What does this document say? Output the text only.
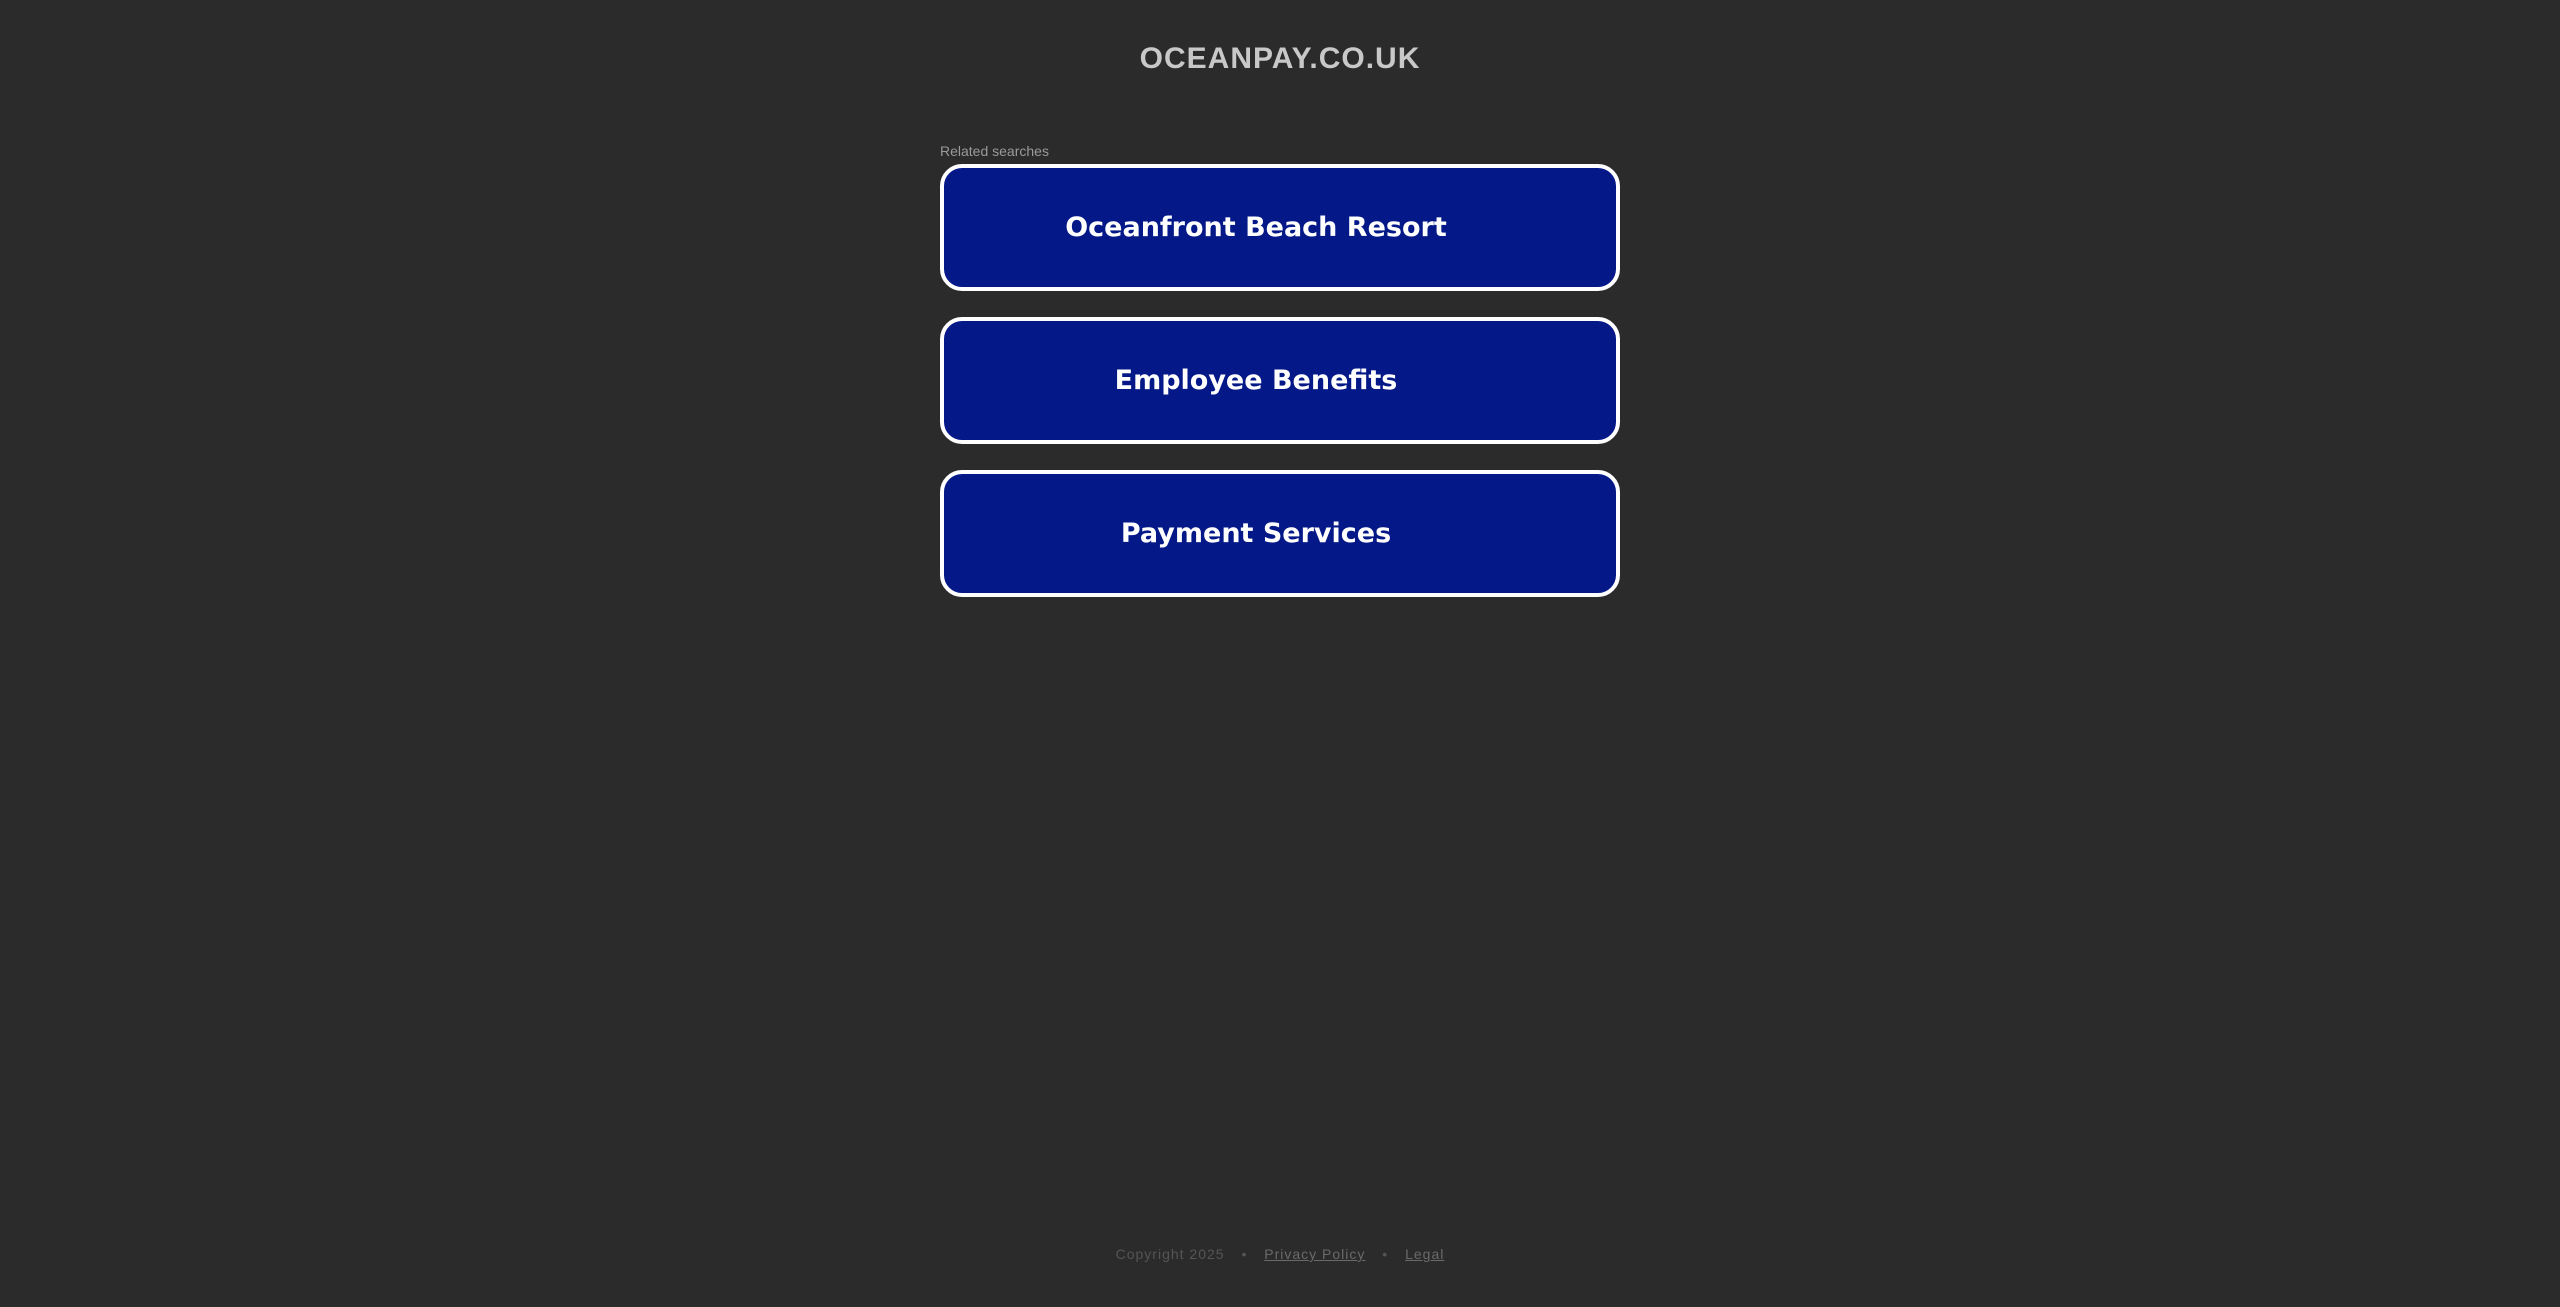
OCEANPAY.CO.UK
Related searches
Oceanfront Beach Resort
Employee Benefits
Payment Services
Copyright 2025 • Privacy Policy • Legal
